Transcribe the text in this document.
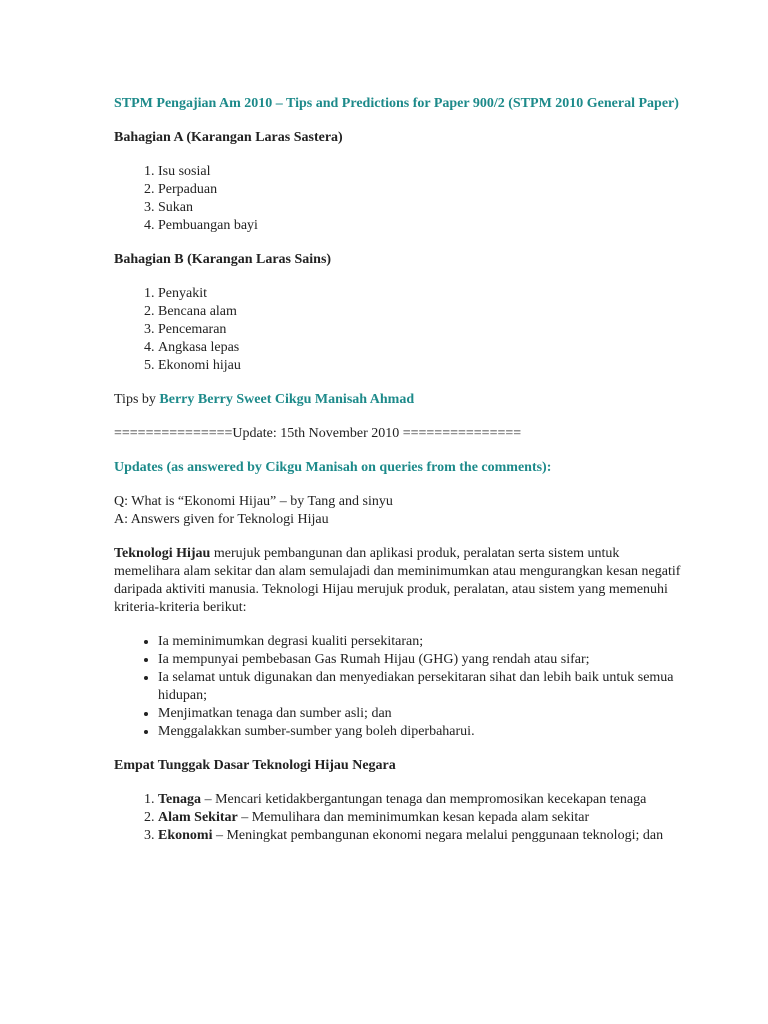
STPM Pengajian Am 2010 – Tips and Predictions for Paper 900/2 (STPM 2010 General Paper)
Bahagian A (Karangan Laras Sastera)
1. Isu sosial
2. Perpaduan
3. Sukan
4. Pembuangan bayi
Bahagian B (Karangan Laras Sains)
1. Penyakit
2. Bencana alam
3. Pencemaran
4. Angkasa lepas
5. Ekonomi hijau

Tips by Berry Berry Sweet Cikgu Manisah Ahmad

===============Update: 15th November 2010 ===============

Updates (as answered by Cikgu Manisah on queries from the comments):

Q: What is “Ekonomi Hijau” – by Tang and sinyu
A: Answers given for Teknologi Hijau

Teknologi Hijau merujuk pembangunan dan aplikasi produk, peralatan serta sistem untuk memelihara alam sekitar dan alam semulajadi dan meminimumkan atau mengurangkan kesan negatif daripada aktiviti manusia. Teknologi Hijau merujuk produk, peralatan, atau sistem yang memenuhi kriteria-kriteria berikut:

• Ia meminimumkan degrasi kualiti persekitaran;
• Ia mempunyai pembebasan Gas Rumah Hijau (GHG) yang rendah atau sifar;
• Ia selamat untuk digunakan dan menyediakan persekitaran sihat dan lebih baik untuk semua hidupan;
• Menjimatkan tenaga dan sumber asli; dan
• Menggalakkan sumber-sumber yang boleh diperbaharui.
Empat Tunggak Dasar Teknologi Hijau Negara
1. Tenaga – Mencari ketidakbergantungan tenaga dan mempromosikan kecekapan tenaga
2. Alam Sekitar – Memulihara dan meminimumkan kesan kepada alam sekitar
3. Ekonomi – Meningkat pembangunan ekonomi negara melalui penggunaan teknologi; dan
